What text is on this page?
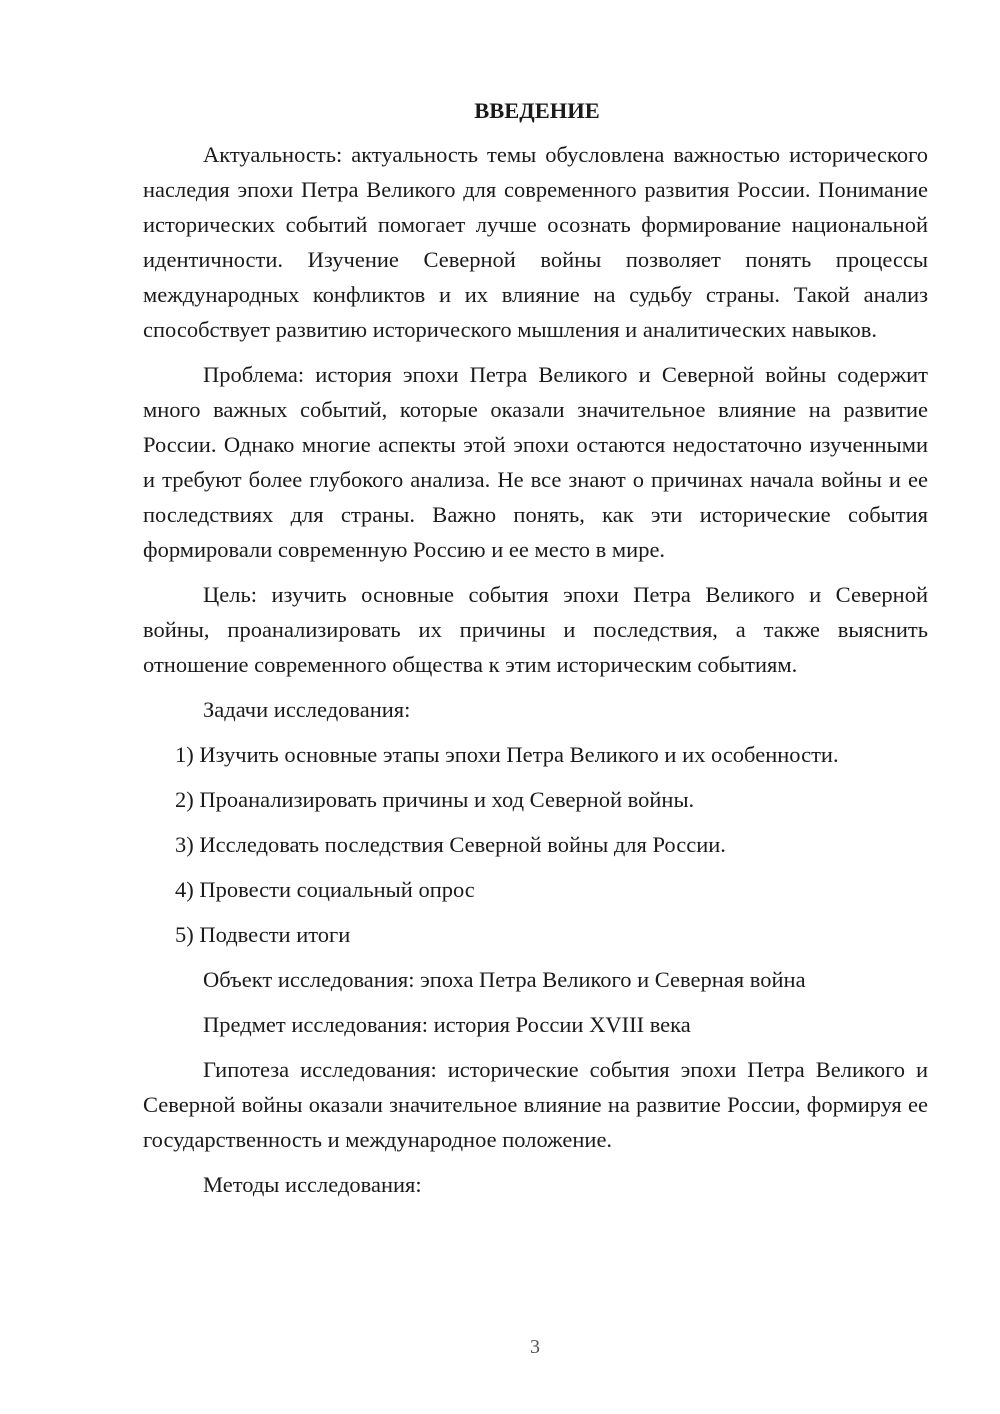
ВВЕДЕНИЕ

Актуальность: актуальность темы обусловлена важностью исторического наследия эпохи Петра Великого для современного развития России. Понимание исторических событий помогает лучше осознать формирование национальной идентичности. Изучение Северной войны позволяет понять процессы международных конфликтов и их влияние на судьбу страны. Такой анализ способствует развитию исторического мышления и аналитических навыков.

Проблема: история эпохи Петра Великого и Северной войны содержит много важных событий, которые оказали значительное влияние на развитие России. Однако многие аспекты этой эпохи остаются недостаточно изученными и требуют более глубокого анализа. Не все знают о причинах начала войны и ее последствиях для страны. Важно понять, как эти исторические события формировали современную Россию и ее место в мире.

Цель: изучить основные события эпохи Петра Великого и Северной войны, проанализировать их причины и последствия, а также выяснить отношение современного общества к этим историческим событиям.

Задачи исследования:

1) Изучить основные этапы эпохи Петра Великого и их особенности.
2) Проанализировать причины и ход Северной войны.
3) Исследовать последствия Северной войны для России.
4) Провести социальный опрос
5) Подвести итоги

Объект исследования: эпоха Петра Великого и Северная война

Предмет исследования: история России XVIII века

Гипотеза исследования: исторические события эпохи Петра Великого и Северной войны оказали значительное влияние на развитие России, формируя ее государственность и международное положение.

Методы исследования:

3
